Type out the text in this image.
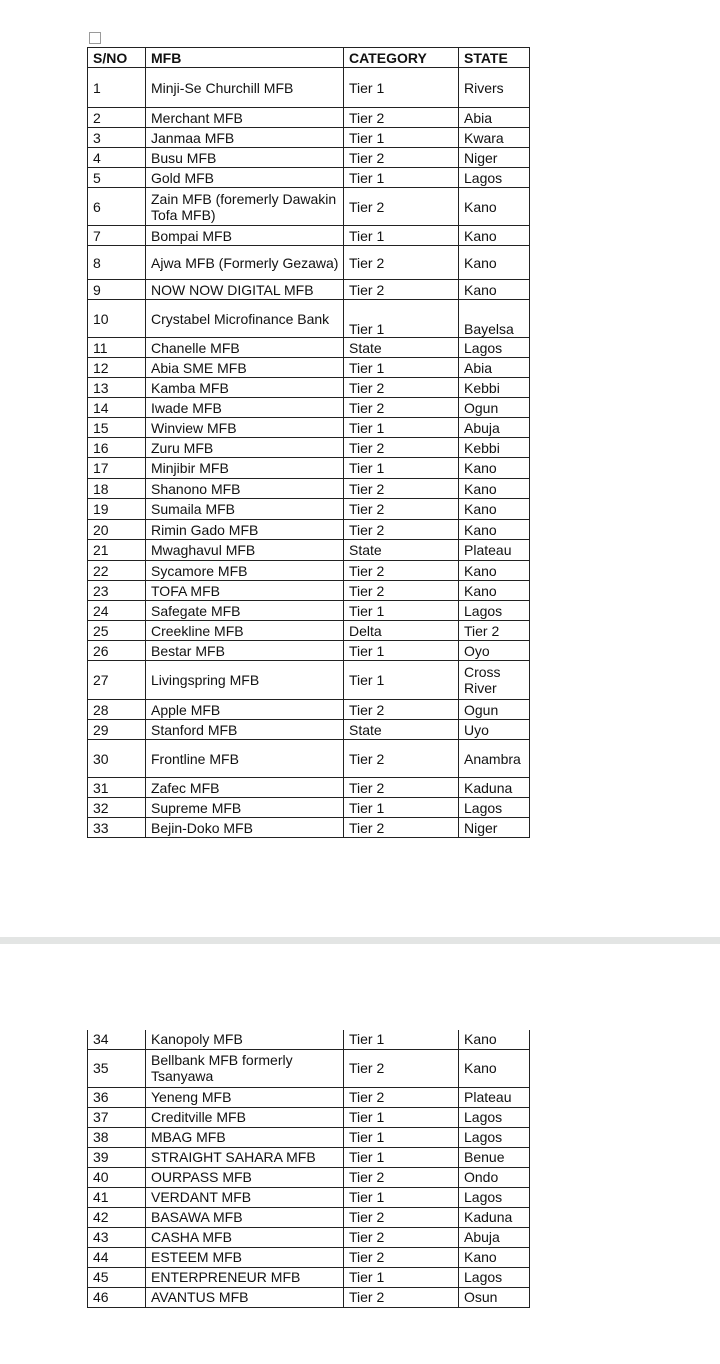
S/NO	MFB	CATEGORY	STATE
1	Minji-Se Churchill MFB	Tier 1	Rivers
2	Merchant MFB	Tier 2	Abia
3	Janmaa MFB	Tier 1	Kwara
4	Busu MFB	Tier 2	Niger
5	Gold MFB	Tier 1	Lagos
6	Zain MFB (foremerly Dawakin Tofa MFB)	Tier 2	Kano
7	Bompai MFB	Tier 1	Kano
8	Ajwa MFB (Formerly Gezawa)	Tier 2	Kano
9	NOW NOW DIGITAL MFB	Tier 2	Kano
10	Crystabel Microfinance Bank	Tier 1	Bayelsa
11	Chanelle MFB	State	Lagos
12	Abia SME MFB	Tier 1	Abia
13	Kamba MFB	Tier 2	Kebbi
14	Iwade MFB	Tier 2	Ogun
15	Winview MFB	Tier 1	Abuja
16	Zuru MFB	Tier 2	Kebbi
17	Minjibir MFB	Tier 1	Kano
18	Shanono MFB	Tier 2	Kano
19	Sumaila MFB	Tier 2	Kano
20	Rimin Gado MFB	Tier 2	Kano
21	Mwaghavul MFB	State	Plateau
22	Sycamore MFB	Tier 2	Kano
23	TOFA MFB	Tier 2	Kano
24	Safegate MFB	Tier 1	Lagos
25	Creekline MFB	Delta	Tier 2
26	Bestar MFB	Tier 1	Oyo
27	Livingspring MFB	Tier 1	Cross River
28	Apple MFB	Tier 2	Ogun
29	Stanford MFB	State	Uyo
30	Frontline MFB	Tier 2	Anambra
31	Zafec MFB	Tier 2	Kaduna
32	Supreme MFB	Tier 1	Lagos
33	Bejin-Doko MFB	Tier 2	Niger
34	Kanopoly MFB	Tier 1	Kano
35	Bellbank MFB formerly Tsanyawa	Tier 2	Kano
36	Yeneng MFB	Tier 2	Plateau
37	Creditville MFB	Tier 1	Lagos
38	MBAG MFB	Tier 1	Lagos
39	STRAIGHT SAHARA MFB	Tier 1	Benue
40	OURPASS MFB	Tier 2	Ondo
41	VERDANT MFB	Tier 1	Lagos
42	BASAWA MFB	Tier 2	Kaduna
43	CASHA MFB	Tier 2	Abuja
44	ESTEEM MFB	Tier 2	Kano
45	ENTERPRENEUR MFB	Tier 1	Lagos
46	AVANTUS MFB	Tier 2	Osun
